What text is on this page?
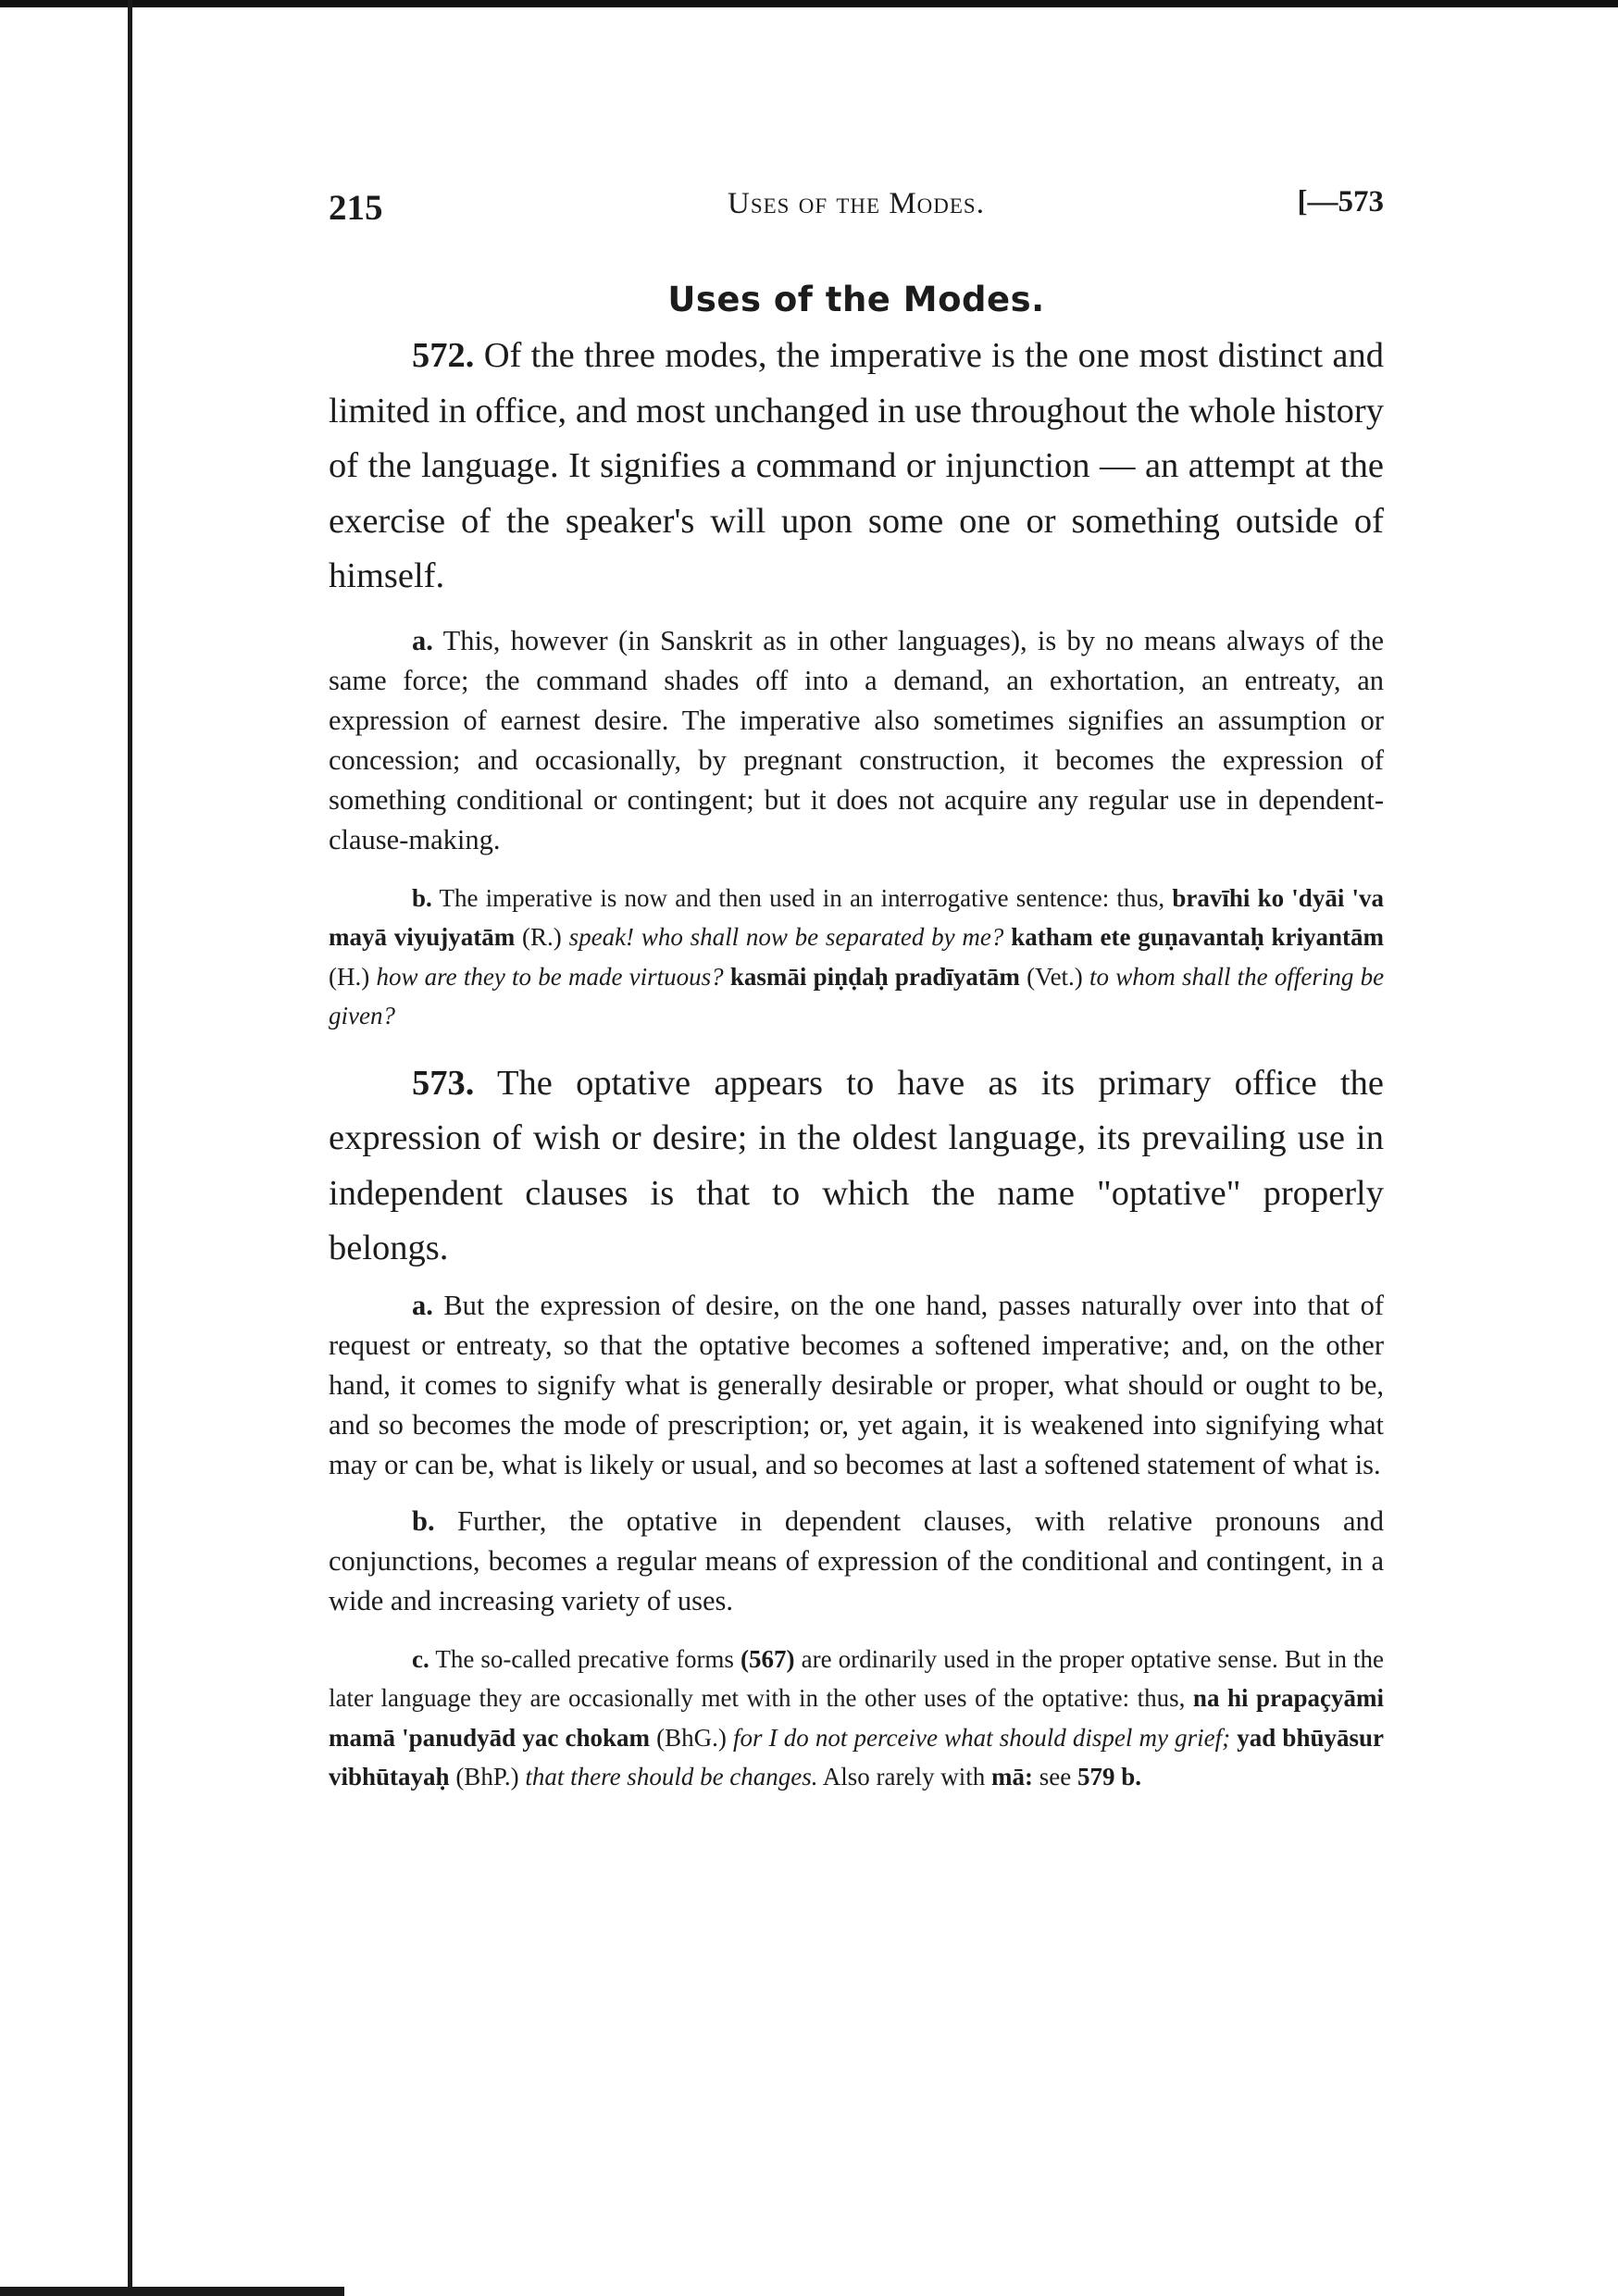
215	Uses of the Modes.	[—573
Uses of the Modes.

572. Of the three modes, the imperative is the one most distinct and limited in office, and most unchanged in use throughout the whole history of the language. It signifies a command or injunction — an attempt at the exercise of the speaker's will upon some one or something outside of himself.

a. This, however (in Sanskrit as in other languages), is by no means always of the same force; the command shades off into a demand, an exhortation, an entreaty, an expression of earnest desire. The imperative also sometimes signifies an assumption or concession; and occasionally, by pregnant construction, it becomes the expression of something conditional or contingent; but it does not acquire any regular use in dependent-clause-making.

b. The imperative is now and then used in an interrogative sentence: thus, bravīhi ko 'dyāi 'va mayā viyujyatām (R.) speak! who shall now be separated by me? katham ete guṇavantaḥ kriyantām (H.) how are they to be made virtuous? kasmāi piṇḍaḥ pradīyatām (Vet.) to whom shall the offering be given?

573. The optative appears to have as its primary office the expression of wish or desire; in the oldest language, its prevailing use in independent clauses is that to which the name "optative" properly belongs.

a. But the expression of desire, on the one hand, passes naturally over into that of request or entreaty, so that the optative becomes a softened imperative; and, on the other hand, it comes to signify what is generally desirable or proper, what should or ought to be, and so becomes the mode of prescription; or, yet again, it is weakened into signifying what may or can be, what is likely or usual, and so becomes at last a softened statement of what is.

b. Further, the optative in dependent clauses, with relative pronouns and conjunctions, becomes a regular means of expression of the conditional and contingent, in a wide and increasing variety of uses.

c. The so-called precative forms (567) are ordinarily used in the proper optative sense. But in the later language they are occasionally met with in the other uses of the optative: thus, na hi prapaçyāmi mamā 'panudyād yac chokam (BhG.) for I do not perceive what should dispel my grief; yad bhūyāsur vibhūtayaḥ (BhP.) that there should be changes. Also rarely with mā: see 579 b.
